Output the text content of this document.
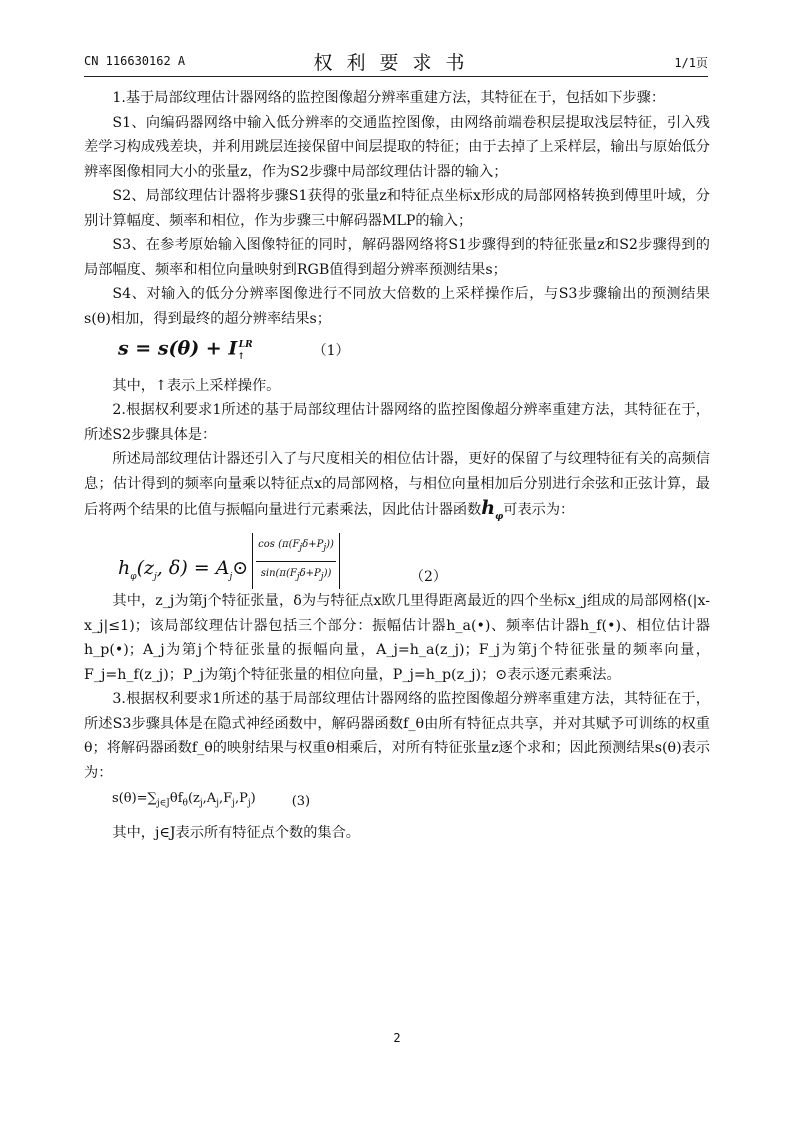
CN 116630162 A	权利要求书	1/1页

1.基于局部纹理估计器网络的监控图像超分辨率重建方法，其特征在于，包括如下步骤：

S1、向编码器网络中输入低分辨率的交通监控图像，由网络前端卷积层提取浅层特征，引入残差学习构成残差块，并利用跳层连接保留中间层提取的特征；由于去掉了上采样层，输出与原始低分辨率图像相同大小的张量z，作为S2步骤中局部纹理估计器的输入；

S2、局部纹理估计器将步骤S1获得的张量z和特征点坐标x形成的局部网格转换到傅里叶域，分别计算幅度、频率和相位，作为步骤三中解码器MLP的输入；

S3、在参考原始输入图像特征的同时，解码器网络将S1步骤得到的特征张量z和S2步骤得到的局部幅度、频率和相位向量映射到RGB值得到超分辨率预测结果s；

S4、对输入的低分分辨率图像进行不同放大倍数的上采样操作后，与S3步骤输出的预测结果s(θ)相加，得到最终的超分辨率结果s；

$s = s(\theta) + I_↑^{LR}$	（1）

其中，↑表示上采样操作。

2.根据权利要求1所述的基于局部纹理估计器网络的监控图像超分辨率重建方法，其特征在于，所述S2步骤具体是：

所述局部纹理估计器还引入了与尺度相关的相位估计器，更好的保留了与纹理特征有关的高频信息；估计得到的频率向量乘以特征点x的局部网格，与相位向量相加后分别进行余弦和正弦计算，最后将两个结果的比值与振幅向量进行元素乘法，因此估计器函数$h_\varphi$可表示为：

$h_\varphi(z_j$, $\delta) = A_j⊙ \frac{\cos (\pi(F_j\delta+P_j))}{\sin(\pi(F_j\delta+P_j))}$	（2）

其中，z_j为第j个特征张量，δ为与特征点x欧几里得距离最近的四个坐标x_j组成的局部网格(|x-x_j|≤1)；该局部纹理估计器包括三个部分：振幅估计器h_a(•)、频率估计器h_f(•)、相位估计器h_p(•)；A_j为第j个特征张量的振幅向量，A_j=h_a(z_j)；F_j为第j个特征张量的频率向量，F_j=h_f(z_j)；P_j为第j个特征张量的相位向量，P_j=h_p(z_j)；⊙表示逐元素乘法。

3.根据权利要求1所述的基于局部纹理估计器网络的监控图像超分辨率重建方法，其特征在于，所述S3步骤具体是在隐式神经函数中，解码器函数f_θ由所有特征点共享，并对其赋予可训练的权重θ；将解码器函数f_θ的映射结果与权重θ相乘后，对所有特征张量z逐个求和；因此预测结果s(θ)表示为：

$s(\theta)=\sum_{j\in J}\theta f_\theta(z_j,A_j,F_j,P_j)$	(3)

其中，j∈J表示所有特征点个数的集合。

2
